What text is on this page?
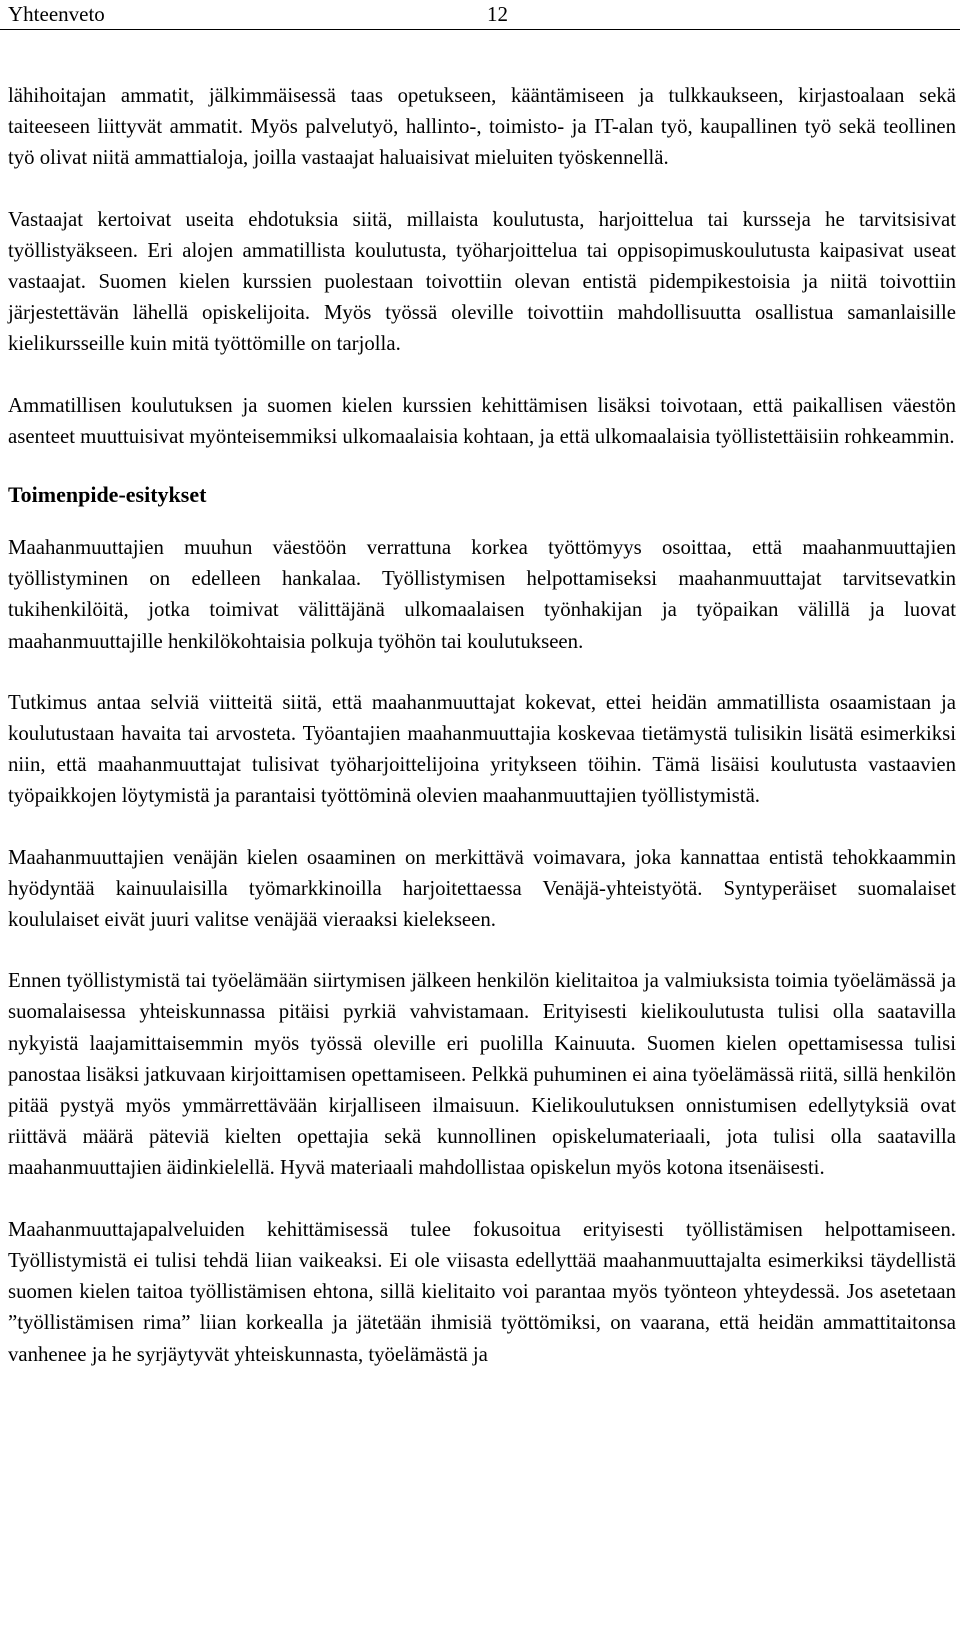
Yhteenveto	12

lähihoitajan ammatit, jälkimmäisessä taas opetukseen, kääntämiseen ja tulkkaukseen, kirjastoalaan sekä taiteeseen liittyvät ammatit. Myös palvelutyö, hallinto-, toimisto- ja IT-alan työ, kaupallinen työ sekä teollinen työ olivat niitä ammattialoja, joilla vastaajat haluaisivat mieluiten työskennellä.

Vastaajat kertoivat useita ehdotuksia siitä, millaista koulutusta, harjoittelua tai kursseja he tarvitsisivat työllistyäkseen. Eri alojen ammatillista koulutusta, työharjoittelua tai oppisopimuskoulutusta kaipasivat useat vastaajat. Suomen kielen kurssien puolestaan toivottiin olevan entistä pidempikestoisia ja niitä toivottiin järjestettävän lähellä opiskelijoita. Myös työssä oleville toivottiin mahdollisuutta osallistua samanlaisille kielikursseille kuin mitä työttömille on tarjolla.

Ammatillisen koulutuksen ja suomen kielen kurssien kehittämisen lisäksi toivotaan, että paikallisen väestön asenteet muuttuisivat myönteisemmiksi ulkomaalaisia kohtaan, ja että ulkomaalaisia työllistettäisiin rohkeammin.

Toimenpide-esitykset

Maahanmuuttajien muuhun väestöön verrattuna korkea työttömyys osoittaa, että maahanmuuttajien työllistyminen on edelleen hankalaa. Työllistymisen helpottamiseksi maahanmuuttajat tarvitsevatkin tukihenkilöitä, jotka toimivat välittäjänä ulkomaalaisen työnhakijan ja työpaikan välillä ja luovat maahanmuuttajille henkilökohtaisia polkuja työhön tai koulutukseen.

Tutkimus antaa selviä viitteitä siitä, että maahanmuuttajat kokevat, ettei heidän ammatillista osaamistaan ja koulutustaan havaita tai arvosteta. Työantajien maahanmuuttajia koskevaa tietämystä tulisikin lisätä esimerkiksi niin, että maahanmuuttajat tulisivat työharjoittelijoina yritykseen töihin. Tämä lisäisi koulutusta vastaavien työpaikkojen löytymistä ja parantaisi työttöminä olevien maahanmuuttajien työllistymistä.

Maahanmuuttajien venäjän kielen osaaminen on merkittävä voimavara, joka kannattaa entistä tehokkaammin hyödyntää kainuulaisilla työmarkkinoilla harjoitettaessa Venäjä-yhteistyötä. Syntyperäiset suomalaiset koululaiset eivät juuri valitse venäjää vieraaksi kielekseen.

Ennen työllistymistä tai työelämään siirtymisen jälkeen henkilön kielitaitoa ja valmiuksista toimia työelämässä ja suomalaisessa yhteiskunnassa pitäisi pyrkiä vahvistamaan. Erityisesti kielikoulutusta tulisi olla saatavilla nykyistä laajamittaisemmin myös työssä oleville eri puolilla Kainuuta. Suomen kielen opettamisessa tulisi panostaa lisäksi jatkuvaan kirjoittamisen opettamiseen. Pelkkä puhuminen ei aina työelämässä riitä, sillä henkilön pitää pystyä myös ymmärrettävään kirjalliseen ilmaisuun. Kielikoulutuksen onnistumisen edellytyksiä ovat riittävä määrä päteviä kielten opettajia sekä kunnollinen opiskelumateriaali, jota tulisi olla saatavilla maahanmuuttajien äidinkielellä. Hyvä materiaali mahdollistaa opiskelun myös kotona itsenäisesti.

Maahanmuuttajapalveluiden kehittämisessä tulee fokusoitua erityisesti työllistämisen helpottamiseen. Työllistymistä ei tulisi tehdä liian vaikeaksi. Ei ole viisasta edellyttää maahanmuuttajalta esimerkiksi täydellistä suomen kielen taitoa työllistämisen ehtona, sillä kielitaito voi parantaa myös työnteon yhteydessä. Jos asetetaan ”työllistämisen rima” liian korkealla ja jätetään ihmisiä työttömiksi, on vaarana, että heidän ammattitaitonsa vanhenee ja he syrjäytyvät yhteiskunnasta, työelämästä ja
